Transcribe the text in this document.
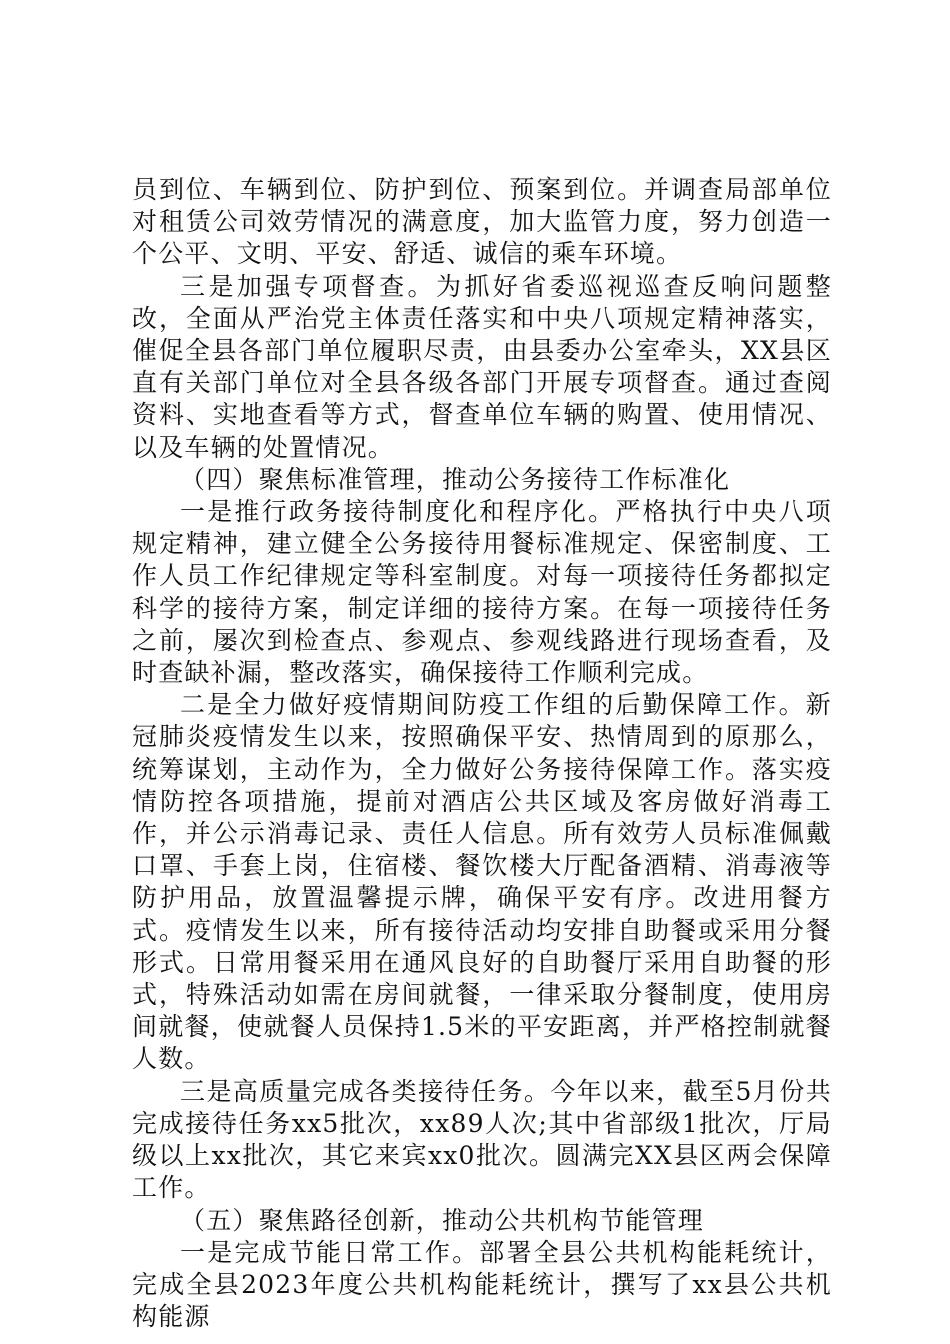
员到位、车辆到位、防护到位、预案到位。并调查局部单位对租赁公司效劳情况的满意度，加大监管力度，努力创造一个公平、文明、平安、舒适、诚信的乘车环境。

三是加强专项督查。为抓好省委巡视巡查反响问题整改，全面从严治党主体责任落实和中央八项规定精神落实，催促全县各部门单位履职尽责，由县委办公室牵头，XX县区直有关部门单位对全县各级各部门开展专项督查。通过查阅资料、实地查看等方式，督查单位车辆的购置、使用情况、以及车辆的处置情况。

（四）聚焦标准管理，推动公务接待工作标准化

一是推行政务接待制度化和程序化。严格执行中央八项规定精神，建立健全公务接待用餐标准规定、保密制度、工作人员工作纪律规定等科室制度。对每一项接待任务都拟定科学的接待方案，制定详细的接待方案。在每一项接待任务之前，屡次到检查点、参观点、参观线路进行现场查看，及时查缺补漏，整改落实，确保接待工作顺利完成。

二是全力做好疫情期间防疫工作组的后勤保障工作。新冠肺炎疫情发生以来，按照确保平安、热情周到的原那么，统筹谋划，主动作为，全力做好公务接待保障工作。落实疫情防控各项措施，提前对酒店公共区域及客房做好消毒工作，并公示消毒记录、责任人信息。所有效劳人员标准佩戴口罩、手套上岗，住宿楼、餐饮楼大厅配备酒精、消毒液等防护用品，放置温馨提示牌，确保平安有序。改进用餐方式。疫情发生以来，所有接待活动均安排自助餐或采用分餐形式。日常用餐采用在通风良好的自助餐厅采用自助餐的形式，特殊活动如需在房间就餐，一律采取分餐制度，使用房间就餐，使就餐人员保持1.5米的平安距离，并严格控制就餐人数。

三是高质量完成各类接待任务。今年以来，截至5月份共完成接待任务xx5批次，xx89人次;其中省部级1批次，厅局级以上xx批次，其它来宾xx0批次。圆满完XX县区两会保障工作。

（五）聚焦路径创新，推动公共机构节能管理

一是完成节能日常工作。部署全县公共机构能耗统计，完成全县2023年度公共机构能耗统计，撰写了xx县公共机构能源
